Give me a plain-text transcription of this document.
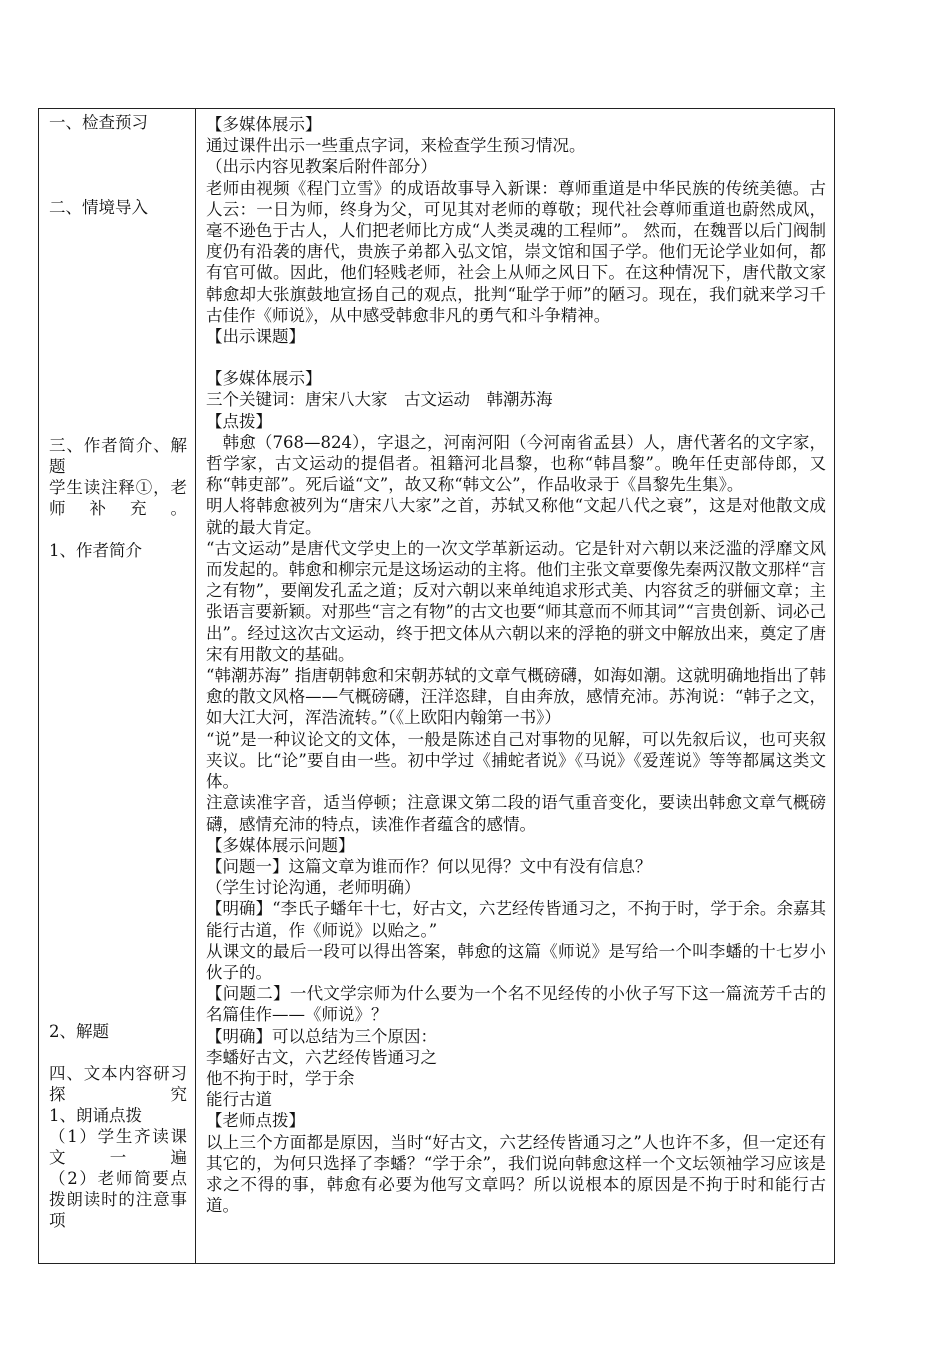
一、检查预习
二、情境导入
三、作者简介、解题
学生读注释①，老师补充。
1、作者简介
2、解题
四、文本内容研习探究
1、朗诵点拨
（1）学生齐读课文一遍
（2）老师简要点拨朗读时的注意事项

【多媒体展示】

通过课件出示一些重点字词，来检查学生预习情况。

（出示内容见教案后附件部分）

老师由视频《程门立雪》的成语故事导入新课：尊师重道是中华民族的传统美德。古人云：一日为师，终身为父，可见其对老师的尊敬；现代社会尊师重道也蔚然成风，毫不逊色于古人，人们把老师比方成“人类灵魂的工程师”。 然而，在魏晋以后门阀制度仍有沿袭的唐代，贵族子弟都入弘文馆，崇文馆和国子学。他们无论学业如何，都有官可做。因此，他们轻贱老师，社会上从师之风日下。在这种情况下，唐代散文家韩愈却大张旗鼓地宣扬自己的观点，批判“耻学于师”的陋习。现在，我们就来学习千古佳作《师说》，从中感受韩愈非凡的勇气和斗争精神。

【出示课题】

【多媒体展示】

三个关键词：唐宋八大家　古文运动　韩潮苏海

【点拨】

　韩愈（768—824），字退之，河南河阳（今河南省孟县）人，唐代著名的文字家，哲学家，古文运动的提倡者。祖籍河北昌黎，也称“韩昌黎”。晚年任吏部侍郎，又称“韩吏部”。死后谥“文”，故又称“韩文公”，作品收录于《昌黎先生集》。

明人将韩愈被列为“唐宋八大家”之首，苏轼又称他“文起八代之衰”，这是对他散文成就的最大肯定。

“古文运动”是唐代文学史上的一次文学革新运动。它是针对六朝以来泛滥的浮靡文风而发起的。韩愈和柳宗元是这场运动的主将。他们主张文章要像先秦两汉散文那样“言之有物”，要阐发孔孟之道；反对六朝以来单纯追求形式美、内容贫乏的骈俪文章；主张语言要新颖。对那些“言之有物”的古文也要“师其意而不师其词”“言贵创新、词必己出”。经过这次古文运动，终于把文体从六朝以来的浮艳的骈文中解放出来，奠定了唐宋有用散文的基础。

“韩潮苏海” 指唐朝韩愈和宋朝苏轼的文章气概磅礴，如海如潮。这就明确地指出了韩愈的散文风格——气概磅礴，汪洋恣肆，自由奔放，感情充沛。苏洵说：“韩子之文，如大江大河，浑浩流转。”（《上欧阳内翰第一书》）

“说”是一种议论文的文体，一般是陈述自己对事物的见解，可以先叙后议，也可夹叙夹议。比“论”要自由一些。初中学过《捕蛇者说》《马说》《爱莲说》等等都属这类文体。

注意读准字音，适当停顿；注意课文第二段的语气重音变化，要读出韩愈文章气概磅礴，感情充沛的特点，读准作者蕴含的感情。

【多媒体展示问题】

【问题一】这篇文章为谁而作？何以见得？文中有没有信息？

（学生讨论沟通，老师明确）

【明确】“李氏子蟠年十七，好古文，六艺经传皆通习之，不拘于时，学于余。余嘉其能行古道，作《师说》以贻之。”

从课文的最后一段可以得出答案，韩愈的这篇《师说》是写给一个叫李蟠的十七岁小伙子的。

【问题二】一代文学宗师为什么要为一个名不见经传的小伙子写下这一篇流芳千古的名篇佳作——《师说》？

【明确】可以总结为三个原因：

李蟠好古文，六艺经传皆通习之

他不拘于时，学于余

能行古道

【老师点拨】

以上三个方面都是原因，当时“好古文，六艺经传皆通习之”人也许不多，但一定还有其它的，为何只选择了李蟠？“学于余”，我们说向韩愈这样一个文坛领袖学习应该是求之不得的事，韩愈有必要为他写文章吗？所以说根本的原因是不拘于时和能行古道。
